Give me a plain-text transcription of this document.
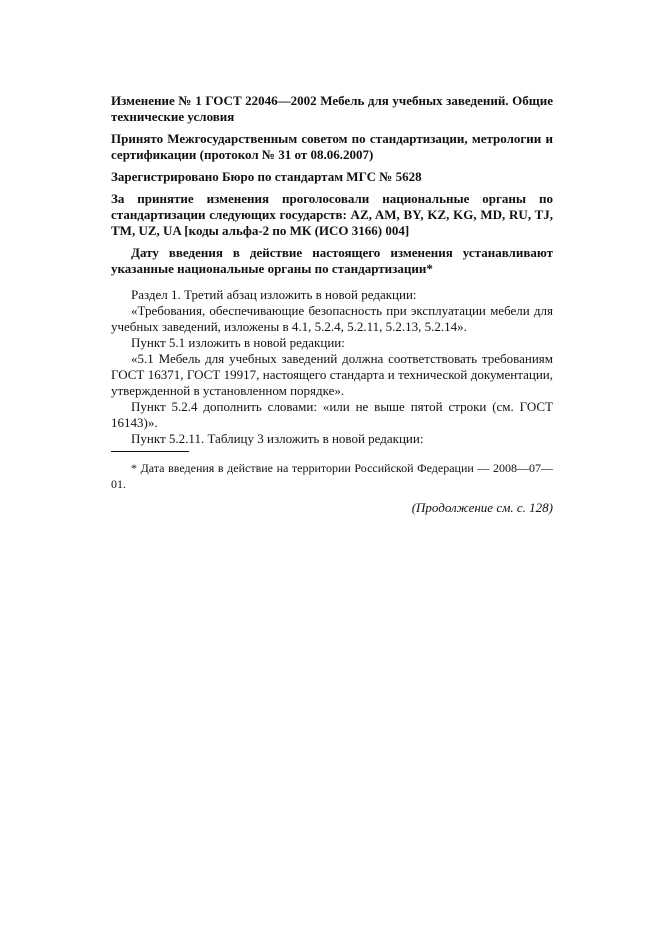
Изменение № 1 ГОСТ 22046—2002 Мебель для учебных заведений. Общие технические условия

Принято Межгосударственным советом по стандартизации, метрологии и сертификации (протокол № 31 от 08.06.2007)

Зарегистрировано Бюро по стандартам МГС № 5628

За принятие изменения проголосовали национальные органы по стандартизации следующих государств: AZ, AM, BY, KZ, KG, MD, RU, TJ, TM, UZ, UA [коды альфа-2 по МК (ИСО 3166) 004]

Дату введения в действие настоящего изменения устанавливают указанные национальные органы по стандартизации*

Раздел 1. Третий абзац изложить в новой редакции:

«Требования, обеспечивающие безопасность при эксплуатации мебели для учебных заведений, изложены в 4.1, 5.2.4, 5.2.11, 5.2.13, 5.2.14».

Пункт 5.1 изложить в новой редакции:

«5.1 Мебель для учебных заведений должна соответствовать требованиям ГОСТ 16371, ГОСТ 19917, настоящего стандарта и технической документации, утвержденной в установленном порядке».

Пункт 5.2.4 дополнить словами: «или не выше пятой строки (см. ГОСТ 16143)».

Пункт 5.2.11. Таблицу 3 изложить в новой редакции:

* Дата введения в действие на территории Российской Федерации — 2008—07—01.

(Продолжение см. с. 128)
